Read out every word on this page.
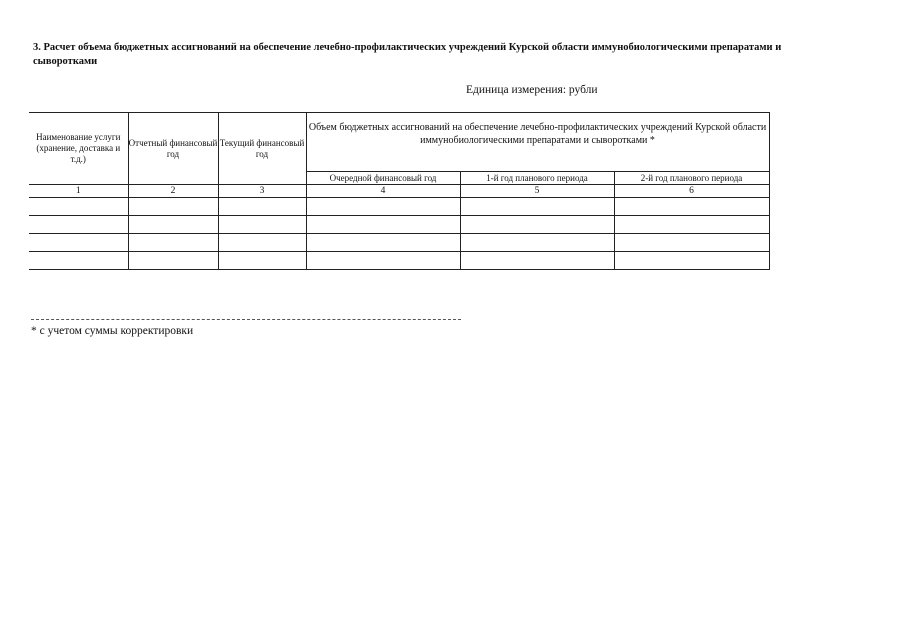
3. Расчет объема бюджетных ассигнований на обеспечение лечебно-профилактических учреждений Курской области иммунобиологическими препаратами и сыворотками
Единица измерения: рубли
Наименование услуги (хранение, доставка и т.д.)	Отчетный финансовый год	Текущий финансовый год	Объем бюджетных ассигнований на обеспечение лечебно-профилактических учреждений Курской области иммунобиологическими препаратами и сыворотками *		
			Очередной финансовый год	1-й год планового периода	2-й год планового периода
1	2	3	4	5	6

* с учетом суммы корректировки
